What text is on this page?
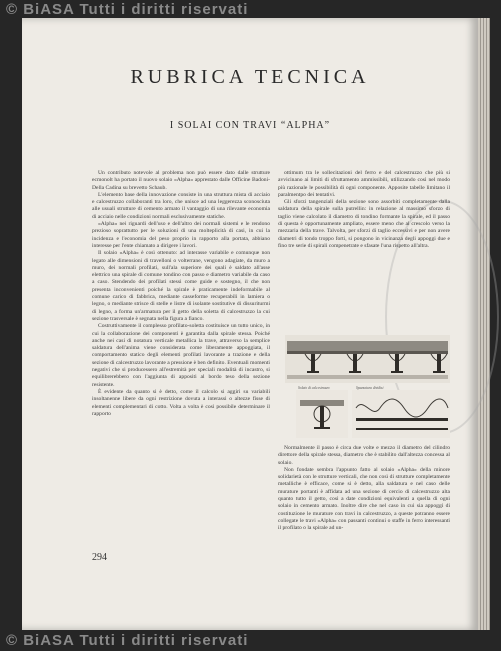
© BiASA Tutti i diritti riservati
© BiASA Tutti i diritti riservati
RUBRICA TECNICA
I SOLAI CON TRAVI “ALPHA”

Un contributo notevole al problema non può essere dato dalle strutture ecmonolt ha portato il nuovo solaio «Alpha» apprestato dalle Officine Badoni-Della Cadina su brevetto Schaub.

L'elemento base della innovazione consiste in una struttura mista di acciaio e calcestruzzo collaboranti tra loro, che unisce ad una leggerezza sconosciuta alle usuali strutture di cemento armato il vantaggio di una rilevante economia di acciaio nelle condizioni normali esclusivamente statiche.

«Alpha» nei riguardi dell'uso e dell'altro dei normali sistemi e le rendono prezioso soprattutto per le soluzioni di una molteplicità di casi, in cui la incidenza e l'economia del peso proprio in rapporto alla portata, abbiano interesse per l'ente chiamato a dirigere i lavori.

Il solaio «Alpha» è così ottenuto: ad interasse variabile e comunque non legato alle dimensioni di travelloni o volterrane, vengono adagiate, da muro a muro, dei normali profilati, sull'ala superiore dei quali è saldato all'asse elettrico una spirale di comune tondino con passo e diametro variabile da caso a caso. Stendendo dei profilati stessi come guide e sostegno, il che non presenta inconvenienti poiché la spirale è praticamente indeformabile al comune carico di fabbrica, mediante casseforme recuperabili in lamiera o legno, o mediante strisce di stelle e listre di isolante sostitutive di dissuriturmi di legno, a forma un'armatura per il getto della soletta di calcestruzzo la cui sezione trasversale è segnata nella figura a fianco.

Costruttivamente il complesso profilato-soletta costituisce un tutto unico, in cui la collaborazione dei componenti è garantita dalla spirale stessa. Poiché anche nei casi di notatura verticale metallica la trave, attraverso la semplice saldatura dell'anima viene considerata come liberamente appoggiata, il comportamento statico degli elementi profilati lavorante a trazione e della sezione di calcestruzzo lavorante a pressione è ben definito. Eventuali momenti negativi che si producessero all'estremità per speciali modalità di incastro, si equilibrerebbero con l'aggiunta di appositi al bordo teso della sezione resistente.

È evidente da quanto si è detto, come il calcolo si aggiri su variabili insoltanenne libere da ogni restrizione dovuta a interassi o altezze fisse di elementi complementari di cotto. Volta a volta è così possibile determinare il rapporto

ottimum tra le sollecitazioni del ferro e del calcestruzzo che più si avvicinano ai limiti di sfruttamento ammissibili, utilizzando così nel modo più razionale le possibilità di ogni componente. Apposite tabelle limitano il paralmentpo dei tentativi.

Gli sforzi tangenziali della sezione sono assorbiti completamente dalla saldatura della spirale sulla putrellin: in relazione al massimo sforzo di taglio viene calcolato il diametro di tondino formante la spirale, ed il passo di questa è opportunamente ampliato, essere meno che al crescolo verso la mezzaria della trave. Talvolta, per sforzi di taglio eccessivi e per non avere diametri di tondo troppo forti, si pongono in vicinanza degli appoggi due e fino tre serie di spirali compenetrate e sfasate l'una rispetto all'altra.

Solaio di calcestruzzo	Spazzatura dividisi

Normalmente il passo è circa due volte e mezzo il diametro del cilindro direttore della spirale stessa, diametro che è stabilito dall'altezza concessa al solaio.

Non fondate sembra l'appunto fatto al solaio «Alpha» della minore solidarietà con le strutture verticali, che non così di strutture completamente metalliche è efficace, come si è detto, alla saldatura e nel caso delle murature portanti è affidata ad una sezione di cercio di calcestruzzo alta quanto tutto il getto, così a date condizioni equivalenti a quella di ogni solaio in cemento armato. Inoltre dire che nel caso in cui sia appoggi di costituzione le murature con travi in calcestruzzo, a queste potranno essere collegate le travi «Alpha» con passanti continui o staffe in ferro interessanti il profilato o la spirale ad un-

294
